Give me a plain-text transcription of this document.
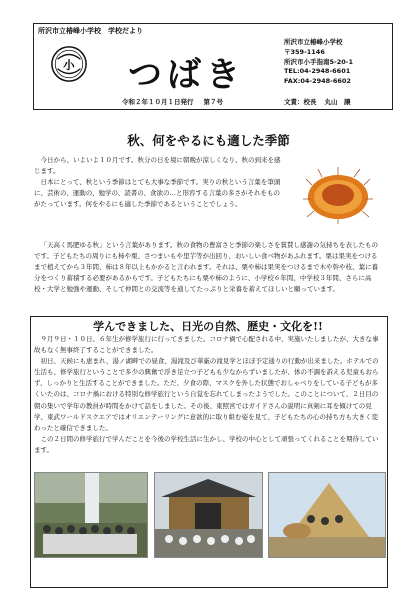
所沢市立椿峰小学校　学校だより
小 つばき
令和２年１０月１日発行 第７号
所沢市立椿峰小学校
〒359-1146
所沢市小手指南5-20-1
TEL:04-2948-6601
FAX:04-2948-6602
文責：校長 丸山　譲
秋、何をやるにも適した季節

今日から、いよいよ１０月です。秋分の日を境に朝晩が涼しくなり、秋の到来を感じます。

日本にとって、秋という季節はとても大事な季節です。実りの秋という言葉を筆頭に、芸術の、運動の、勉学の、読書の、食欲の…と形容する言葉の多さがそれをものがたっています。何をやるにも適した季節であるということでしょう。

「天高く馬肥ゆる秋」という言葉があります。秋の食物の豊富さと季節の楽しさを賞賛し感謝の気持ちを表したものです。子どもたちの周りにも柿や栗、さつまいもや里芋等が出回り、おいしい食べ物があふれます。栗は果実をつけるまで植えてから３年間、柿は８年以上もかかると言われます。それは、栗や柿は果実をつけるまで木や幹や枝、葉に養分をつくり蓄積する必要があるからです。子どもたちにも栗や柿のように、小学校６年間、中学校３年間、さらに高校・大学と勉強や運動、そして仲間との交流等を通してたっぷりと栄養を蓄えてほしいと願っています。

学んできました、日光の自然、歴史・文化を!!

９月９日・１０日、６年生が修学旅行に行ってきました。コロナ禍で心配される中、実施いたしましたが、大きな事故もなく無事終了することができました。

初日、天候にも恵まれ、湯ノ湖畔での昼食、湯滝及び華厳の滝見学とほぼ予定通りの行動が出来ました。ホテルでの生活も、修学旅行ということで多少の興奮で浮き足立つ子どもも少なからずいましたが、体の不調を訴える児童もおらず、しっかりと生活することができました。ただ、夕食の際、マスクを外した状態でおしゃべりをしている子どもが多くいたのは、コロナ禍における特別な修学旅行という自覚を忘れてしまったようでした。このことについて、２日目の朝の集いで学年の教員が時間をかけて話をしました。その後、東照宮ではガイドさんの説明に真剣に耳を傾けての見学、東武ワールドスクエアではオリエンテーリングに意欲的に取り組む姿を見て、子どもたちの心の持ち方も大きく変わったと確信できました。

この２日間の修学旅行で学んだことを今後の学校生活に生かし、学校の中心として頑張ってくれることを期待しています。
